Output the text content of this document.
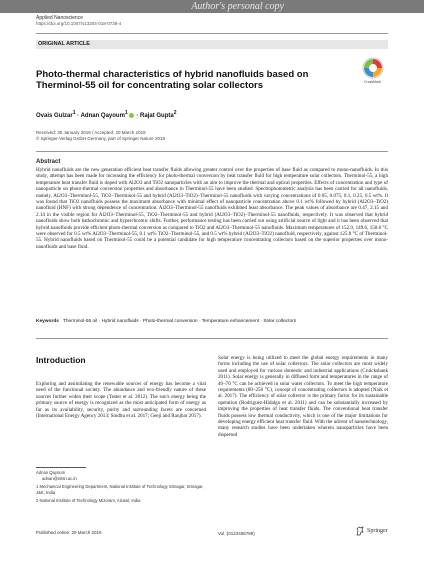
Author's personal copy
Applied Nanoscience
https://doi.org/10.1007/s13204-018-0738-4
ORIGINAL ARTICLE
Photo-thermal characteristics of hybrid nanofluids based on Therminol-55 oil for concentrating solar collectors	CrossMark
Ovais Gulzar$^1$ · Adnan Qayoum$^1$ · Rajat Gupta$^2$
Received: 30 January 2018 / Accepted: 20 March 2018
© Springer-Verlag GmbH Germany, part of Springer Nature 2018
Abstract
Hybrid nanofluids are the new generation efficient heat transfer fluids allowing greater control over the properties of base fluid as compared to mono-nanofluids. In this study, attempt has been made for increasing the efficiency for photo-thermal conversion by heat transfer fluid for high temperature solar collectors. Therminol-55, a high temperature heat transfer fluid is doped with Al2O3 and TiO2 nanoparticles with an aim to improve the thermal and optical properties. Effects of concentration and type of nanoparticle on photo-thermal conversion properties and absorbance in Therminol-55 have been studied. Spectrophotometric analysis has been carried for all nanofluids, namely, Al2O3–Therminol-55, TiO2–Therminol-55 and hybrid (Al2O3–TiO2)–Therminol-55 nanofluids with varying concentrations of 0.05, 0.075, 0.1, 0.25, 0.5 wt%. It was found that TiO2 nanofluids possess the maximum absorbance with minimal effect of nanoparticle concentration above 0.1 wt% followed by hybrid (Al2O3–TiO2) nanofluid (HNF) with strong dependence of concentration. Al2O3–Therminol-55 nanofluids exhibited least absorbance. The peak values of absorbance are 0.47, 2.15 and 2.14 in the visible region for Al2O3–Therminol-55, TiO2–Therminol-55 and hybrid (Al2O3–TiO2)–Therminol-55 nanofluids, respectively. It was observed that hybrid nanofluids show both bathochromic and hyperchromic shifts. Further, performance testing has been carried out using artificial source of light and it has been observed that hybrid nanofluids provide efficient photo-thermal conversion as compared to TiO2 and Al2O3–Therminol-55 nanofluids. Maximum temperatures of 152.9, 149.6, 158.6 °C were observed for 0.5 wt% Al2O3–Therminol-55, 0.1 wt% TiO2–Therminol-55, and 0.5 wt% hybrid (Al2O3–TiO2) nanofluid, respectively, against 125.8 °C of Therminol-55. Hybrid nanofluids based on Therminol-55 could be a potential candidate for high temperature concentrating collectors based on the superior properties over mono-nanofluids and base fluid.
Keywords Therminol-55 oil · Hybrid nanofluids · Photo-thermal conversion · Temperature enhancement · Solar collectors
Introduction
Exploring and assimilating the renewable sources of energy has become a vital need of the functional society. The abundance and eco-friendly nature of these sources further widen their scope (Tester et al. 2012). The sun's energy being the primary source of energy is recognized as the most anticipated form of energy as far as its availability, security, purity and surrounding facets are concerned (International Energy Agency 2013; Sindhu et al. 2017; Geeji and Ranjbar 2017).
Solar energy is being utilized to meet the global energy requirements in many forms including the use of solar collectors. The solar collectors are most widely used and employed for various domestic and industrial applications (Cruickshank 2011). Solar energy is generally in diffused form and temperatures in the range of 40–70 °C can be achieved in solar water collectors. To meet the high temperature requirements (80–250 °C), concept of concentrating collectors is adopted (Naik et al. 2017). The efficiency of solar collector is the primary factor for its sustainable operation (Rodriguez-Hidalgo et al. 2011) and can be substantially increased by improving the properties of heat transfer fluids. The conventional heat transfer fluids possess low thermal conductivity, which is one of the major limitations for developing energy efficient heat transfer fluid. With the advent of nanotechnology, many research studies have been undertaken wherein nanoparticles have been dispersed
Adnan Qayoum
adnan@nitsri.ac.in
1 Mechanical Engineering Department, National Institute of Technology Srinagar, Srinagar, J&K, India
2 National Institute of Technology Mizoram, Aizawl, India
Published online: 29 March 2018	Vol.:(0123456789)	Springer
